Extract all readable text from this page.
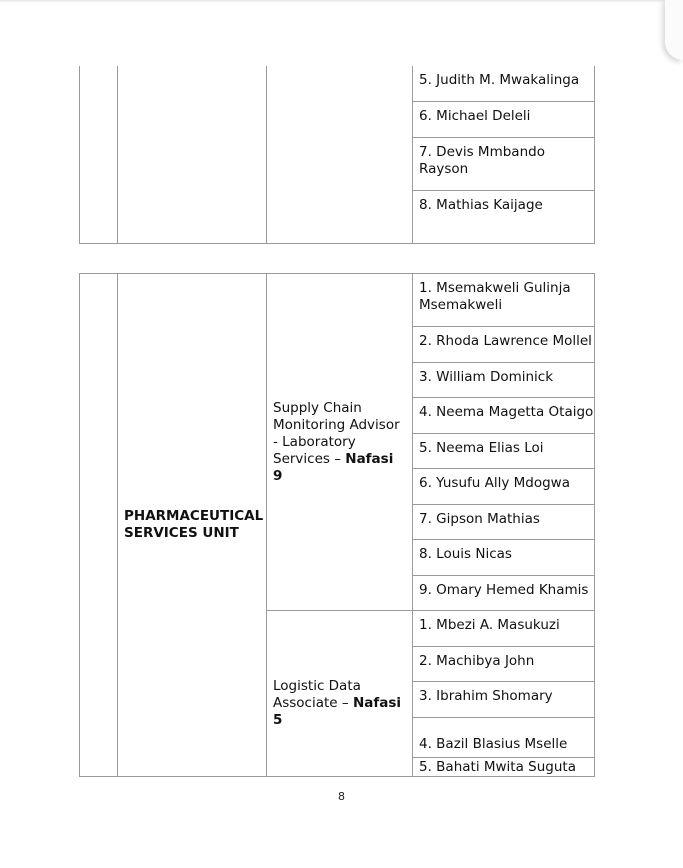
5. Judith M. Mwakalinga

6. Michael Deleli

7. Devis Mmbando Rayson

8. Mathias Kaijage

	PHARMACEUTICAL SERVICES UNIT	Supply Chain Monitoring Advisor - Laboratory Services – Nafasi 9	1. Msemakweli Gulinja Msemakweli

			2. Rhoda Lawrence Mollel

			3. William Dominick

			4. Neema Magetta Otaigo

			5. Neema Elias Loi

			6. Yusufu Ally Mdogwa

			7. Gipson Mathias

			8. Louis Nicas

			9. Omary Hemed Khamis

		Logistic Data Associate – Nafasi 5	1. Mbezi A. Masukuzi

			2. Machibya John

			3. Ibrahim Shomary

			4. Bazil Blasius Mselle

			5. Bahati Mwita Suguta
8
